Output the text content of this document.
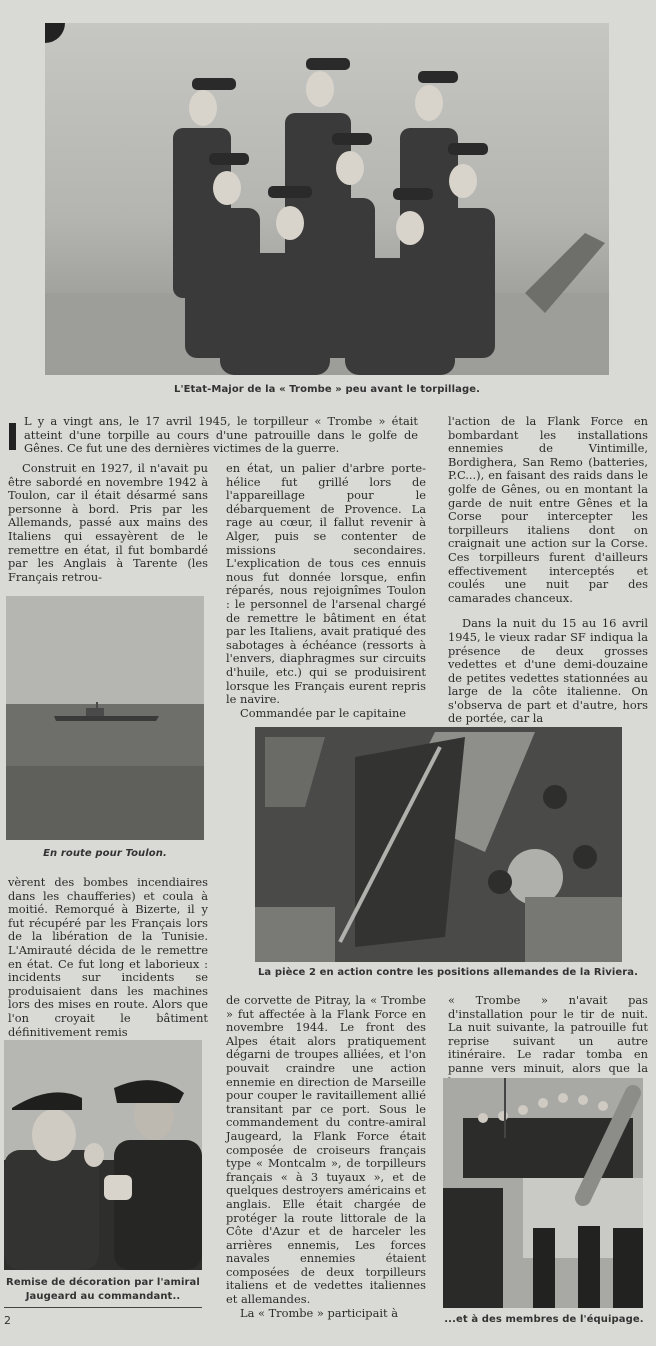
L'Etat-Major de la « Trombe » peu avant le torpillage.
L y a vingt ans, le 17 avril 1945, le torpilleur « Trombe » était atteint d'une torpille au cours d'une patrouille dans le golfe de Gênes. Ce fut une des dernières victimes de la guerre.

Construit en 1927, il n'avait pu être sabordé en novembre 1942 à Toulon, car il était désarmé sans personne à bord. Pris par les Allemands, passé aux mains des Italiens qui essayèrent de le remettre en état, il fut bombardé par les Anglais à Tarente (les Français retrou-

en état, un palier d'arbre porte-hélice fut grillé lors de l'appareillage pour le débarquement de Provence. La rage au cœur, il fallut revenir à Alger, puis se contenter de missions secondaires. L'explication de tous ces ennuis nous fut donnée lorsque, enfin réparés, nous rejoignîmes Toulon : le personnel de l'arsenal chargé de remettre le bâtiment en état par les Italiens, avait pratiqué des sabotages à échéance (ressorts à l'envers, diaphragmes sur circuits d'huile, etc.) qui se produisirent lorsque les Français eurent repris le navire.

Commandée par le capitaine

l'action de la Flank Force en bombardant les installations ennemies de Vintimille, Bordighera, San Remo (batteries, P.C...), en faisant des raids dans le golfe de Gênes, ou en montant la garde de nuit entre Gênes et la Corse pour intercepter les torpilleurs italiens dont on craignait une action sur la Corse. Ces torpilleurs furent d'ailleurs effectivement interceptés et coulés une nuit par des camarades chanceux.

Dans la nuit du 15 au 16 avril 1945, le vieux radar SF indiqua la présence de deux grosses vedettes et d'une demi-douzaine de petites vedettes stationnées au large de la côte italienne. On s'observa de part et d'autre, hors de portée, car la

En route pour Toulon.

vèrent des bombes incendiaires dans les chaufferies) et coula à moitié. Remorqué à Bizerte, il y fut récupéré par les Français lors de la libération de la Tunisie. L'Amirauté décida de le remettre en état. Ce fut long et laborieux : incidents sur incidents se produisaient dans les machines lors des mises en route. Alors que l'on croyait le bâtiment définitivement remis

La pièce 2 en action contre les positions allemandes de la Riviera.

de corvette de Pitray, la « Trombe » fut affectée à la Flank Force en novembre 1944. Le front des Alpes était alors pratiquement dégarni de troupes alliées, et l'on pouvait craindre une action ennemie en direction de Marseille pour couper le ravitaillement allié transitant par ce port. Sous le commandement du contre-amiral Jaugeard, la Flank Force était composée de croiseurs français type « Montcalm », de torpilleurs français « à 3 tuyaux », et de quelques destroyers américains et anglais. Elle était chargée de protéger la route littorale de la Côte d'Azur et de harceler les arrières ennemis, Les forces navales ennemies étaient composées de deux torpilleurs italiens et de vedettes italiennes et allemandes.

La « Trombe » participait à

« Trombe » n'avait pas d'installation pour le tir de nuit. La nuit suivante, la patrouille fut reprise suivant un autre itinéraire. Le radar tomba en panne vers minuit, alors que la

Remise de décoration par l'amiral
Jaugeard au commandant..
...et à des membres de l'équipage.
2
